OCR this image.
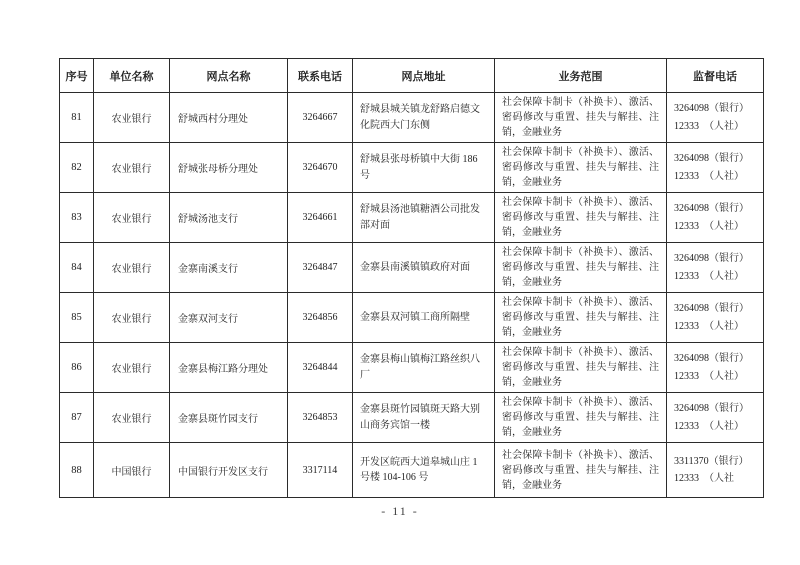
序号	单位名称	网点名称	联系电话	网点地址	业务范围	监督电话
81	农业银行	舒城西村分理处	3264667	舒城县城关镇龙舒路启德文化院西大门东侧	社会保障卡制卡（补换卡）、激活、密码修改与重置、挂失与解挂、注销，金融业务	3264098（银行）
12333　（人社）

82	农业银行	舒城张母桥分理处	3264670	舒城县张母桥镇中大街 186 号	社会保障卡制卡（补换卡）、激活、密码修改与重置、挂失与解挂、注销，金融业务	3264098（银行）
12333　（人社）

83	农业银行	舒城汤池支行	3264661	舒城县汤池镇糖酒公司批发部对面	社会保障卡制卡（补换卡）、激活、密码修改与重置、挂失与解挂、注销，金融业务	3264098（银行）
12333　（人社）

84	农业银行	金寨南溪支行	3264847	金寨县南溪镇镇政府对面	社会保障卡制卡（补换卡）、激活、密码修改与重置、挂失与解挂、注销，金融业务	3264098（银行）
12333　（人社）

85	农业银行	金寨双河支行	3264856	金寨县双河镇工商所隔壁	社会保障卡制卡（补换卡）、激活、密码修改与重置、挂失与解挂、注销，金融业务	3264098（银行）
12333　（人社）

86	农业银行	金寨县梅江路分理处	3264844	金寨县梅山镇梅江路丝织八厂	社会保障卡制卡（补换卡）、激活、密码修改与重置、挂失与解挂、注销，金融业务	3264098（银行）
12333　（人社）

87	农业银行	金寨县斑竹园支行	3264853	金寨县斑竹园镇斑天路大别山商务宾馆一楼	社会保障卡制卡（补换卡）、激活、密码修改与重置、挂失与解挂、注销，金融业务	3264098（银行）
12333　（人社）

88	中国银行	中国银行开发区支行	3317114	开发区皖西大道皋城山庄 1 号楼 104-106 号	社会保障卡制卡（补换卡）、激活、密码修改与重置、挂失与解挂、注销，金融业务	3311370（银行）
12333　（人社
- 11 -
